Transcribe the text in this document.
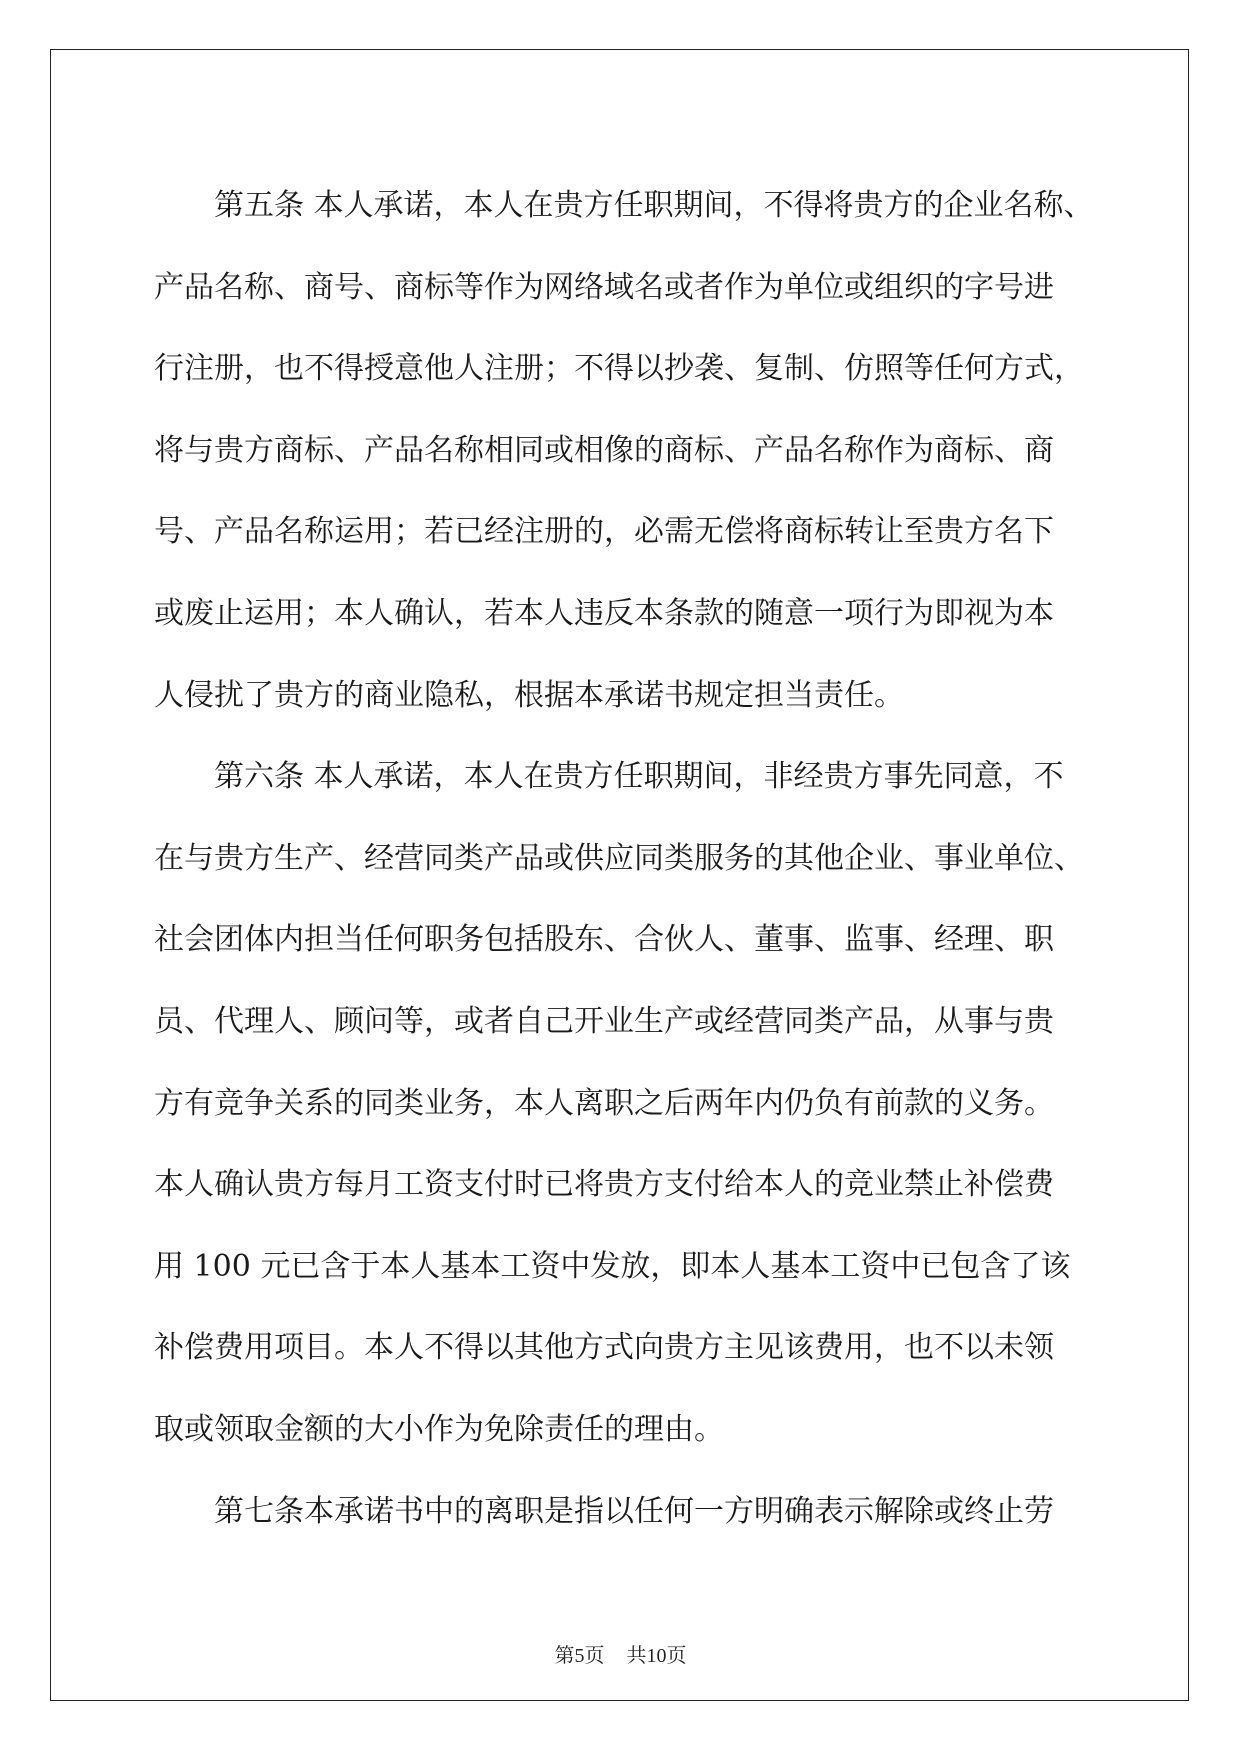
第五条 本人承诺，本人在贵方任职期间，不得将贵方的企业名称、
产品名称、商号、商标等作为网络域名或者作为单位或组织的字号进
行注册，也不得授意他人注册；不得以抄袭、复制、仿照等任何方式，
将与贵方商标、产品名称相同或相像的商标、产品名称作为商标、商
号、产品名称运用；若已经注册的，必需无偿将商标转让至贵方名下
或废止运用；本人确认，若本人违反本条款的随意一项行为即视为本
人侵扰了贵方的商业隐私，根据本承诺书规定担当责任。
第六条 本人承诺，本人在贵方任职期间，非经贵方事先同意，不
在与贵方生产、经营同类产品或供应同类服务的其他企业、事业单位、
社会团体内担当任何职务包括股东、合伙人、董事、监事、经理、职
员、代理人、顾问等，或者自己开业生产或经营同类产品，从事与贵
方有竞争关系的同类业务，本人离职之后两年内仍负有前款的义务。
本人确认贵方每月工资支付时已将贵方支付给本人的竞业禁止补偿费
用 100 元已含于本人基本工资中发放，即本人基本工资中已包含了该
补偿费用项目。本人不得以其他方式向贵方主见该费用，也不以未领
取或领取金额的大小作为免除责任的理由。
第七条本承诺书中的离职是指以任何一方明确表示解除或终止劳
第5页 共10页
